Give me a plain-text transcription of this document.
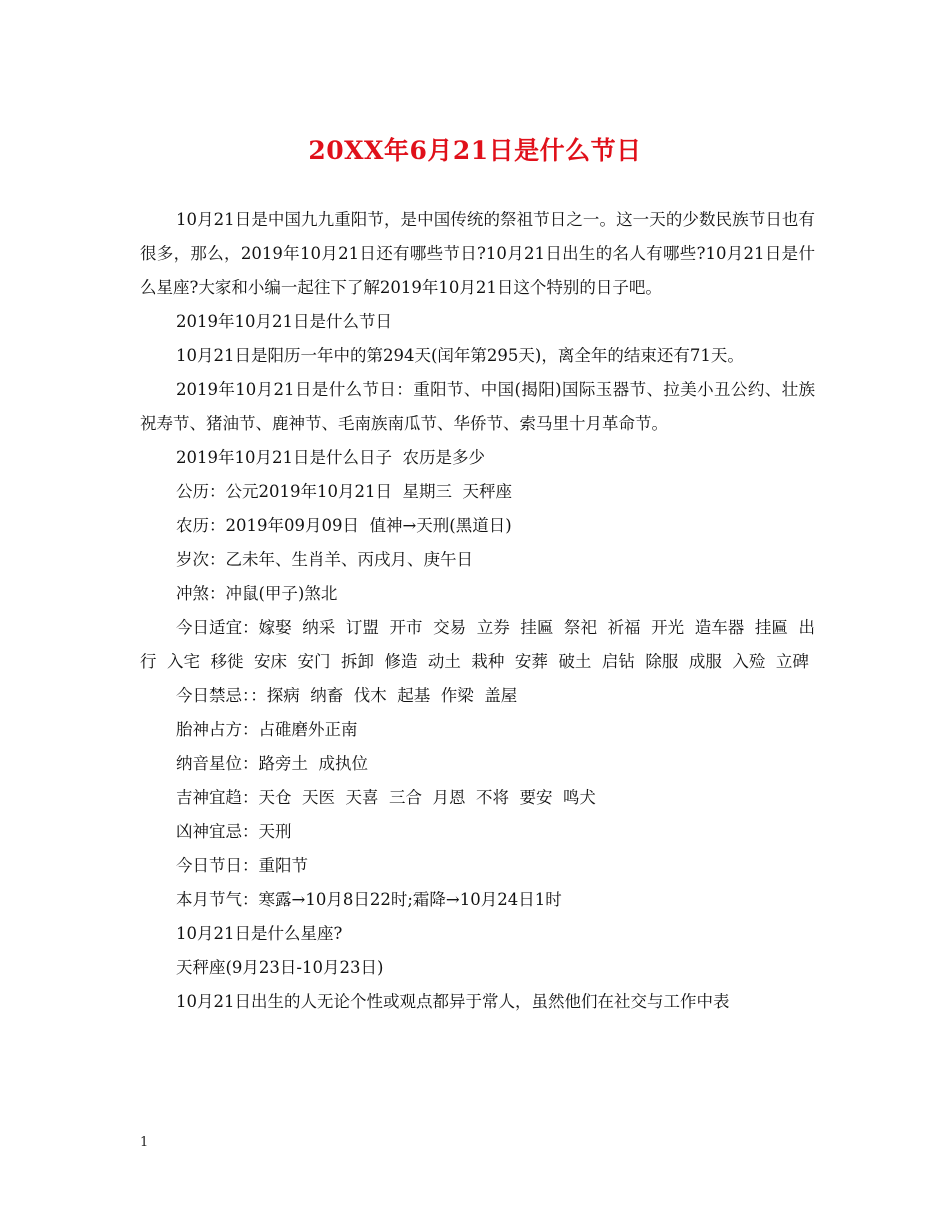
20XX年6月21日是什么节日

10月21日是中国九九重阳节，是中国传统的祭祖节日之一。这一天的少数民族节日也有很多，那么，2019年10月21日还有哪些节日?10月21日出生的名人有哪些?10月21日是什么星座?大家和小编一起往下了解2019年10月21日这个特别的日子吧。

2019年10月21日是什么节日

10月21日是阳历一年中的第294天(闰年第295天)，离全年的结束还有71天。

2019年10月21日是什么节日：重阳节、中国(揭阳)国际玉器节、拉美小丑公约、壮族祝寿节、猪油节、鹿神节、毛南族南瓜节、华侨节、索马里十月革命节。

2019年10月21日是什么日子  农历是多少

公历：公元2019年10月21日  星期三  天秤座

农历：2019年09月09日  值神→天刑(黑道日)

岁次：乙未年、生肖羊、丙戌月、庚午日

冲煞：冲鼠(甲子)煞北

今日适宜：嫁娶  纳采  订盟  开市  交易  立券  挂匾  祭祀  祈福  开光  造车器  挂匾  出行  入宅  移徙  安床  安门  拆卸  修造  动土  栽种  安葬  破土  启钻  除服  成服  入殓  立碑

今日禁忌：：探病  纳畜  伐木  起基  作梁  盖屋

胎神占方：占碓磨外正南

纳音星位：路旁土  成执位

吉神宜趋：天仓  天医  天喜  三合  月恩  不将  要安  鸣犬

凶神宜忌：天刑

今日节日：重阳节

本月节气：寒露→10月8日22时;霜降→10月24日1时

10月21日是什么星座?

天秤座(9月23日-10月23日)

10月21日出生的人无论个性或观点都异于常人，虽然他们在社交与工作中表

1
